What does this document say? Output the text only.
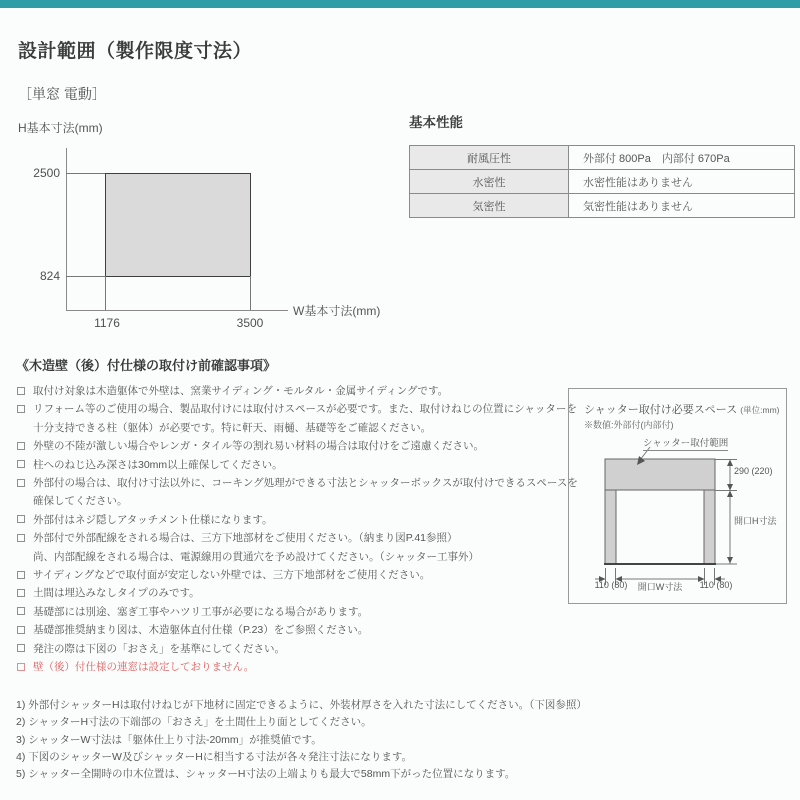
設計範囲（製作限度寸法）
［単窓 電動］
H基本寸法(mm)
2500
824
1176	3500
W基本寸法(mm)
基本性能
耐風圧性	外部付 800Pa　内部付 670Pa
水密性	水密性能はありません
気密性	気密性能はありません
《木造壁（後）付仕様の取付け前確認事項》
取付け対象は木造躯体で外壁は、窯業サイディング・モルタル・金属サイディングです。
リフォーム等のご使用の場合、製品取付けには取付けスペースが必要です。また、取付けねじの位置にシャッターを
十分支持できる柱（躯体）が必要です。特に軒天、雨樋、基礎等をご確認ください。
外壁の不陸が激しい場合やレンガ・タイル等の割れ易い材料の場合は取付けをご遠慮ください。
柱へのねじ込み深さは30mm以上確保してください。
外部付の場合は、取付け寸法以外に、コーキング処理ができる寸法とシャッターボックスが取付けできるスペースを
確保してください。
外部付はネジ隠しアタッチメント仕様になります。
外部付で外部配線をされる場合は、三方下地部材をご使用ください。（納まり図P.41参照）
尚、内部配線をされる場合は、電源線用の貫通穴を予め設けてください。（シャッター工事外）
サイディングなどで取付面が安定しない外壁では、三方下地部材をご使用ください。
土間は埋込みなしタイプのみです。
基礎部には別途、塞ぎ工事やハツリ工事が必要になる場合があります。
基礎部推奨納まり図は、木造躯体直付仕様（P.23）をご参照ください。
発注の際は下図の「おさえ」を基準にしてください。
壁（後）付仕様の連窓は設定しておりません。
シャッター取付け必要スペース (単位:mm)
※数値:外部付(内部付)
シャッター取付範囲
290 (220)
開口H寸法
110 (80)	開口W寸法	110 (80)
1) 外部付シャッターHは取付けねじが下地材に固定できるように、外装材厚さを入れた寸法にしてください。（下図参照）
2) シャッターH寸法の下端部の「おさえ」を土間仕上り面としてください。
3) シャッターW寸法は「躯体仕上り寸法-20mm」が推奨値です。
4) 下図のシャッターW及びシャッターHに相当する寸法が各々発注寸法になります。
5) シャッター全開時の巾木位置は、シャッターH寸法の上端よりも最大で58mm下がった位置になります。
